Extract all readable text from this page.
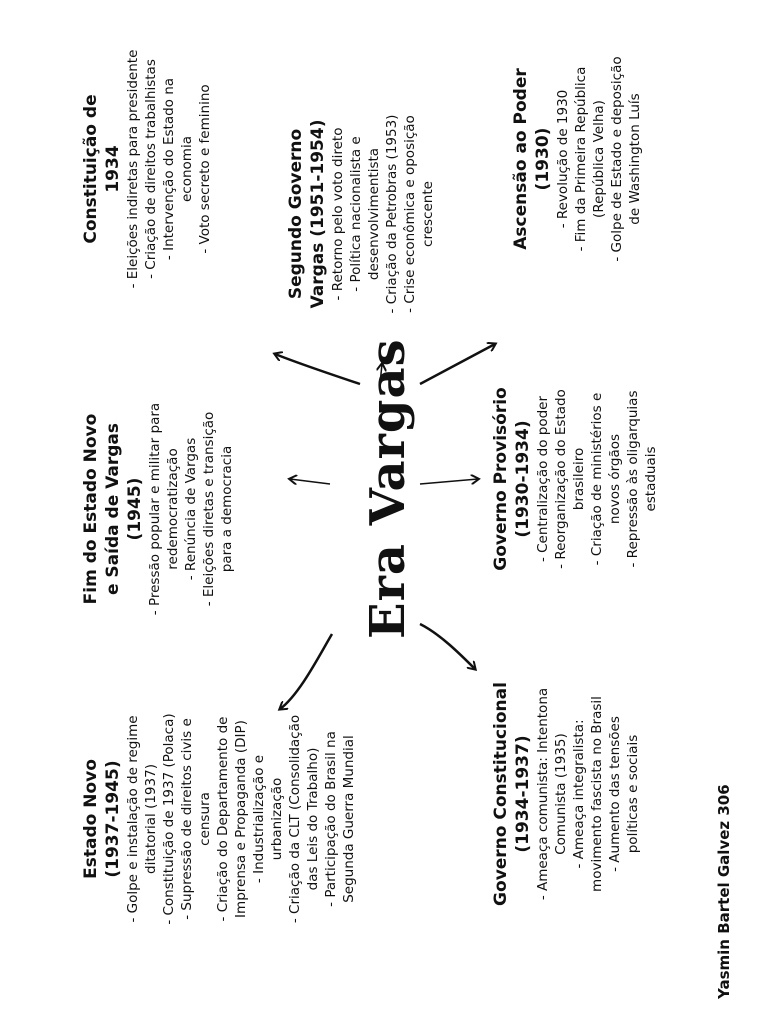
Era Vargas
Estado Novo (1937-1945) - Golpe e instalação de regime ditatorial (1937) - Constituição de 1937 (Polaca) - Supressão de direitos civis e censura - Criação do Departamento de Imprensa e Propaganda (DIP) - Industrialização e urbanização - Criação da CLT (Consolidação das Leis do Trabalho) - Participação do Brasil na Segunda Guerra Mundial
Fim do Estado Novo e Saída de Vargas (1945) - Pressão popular e militar para redemocratização - Renúncia de Vargas - Eleições diretas e transição para a democracia
Constituição de 1934 - Eleições indiretas para presidente - Criação de direitos trabalhistas - Intervenção do Estado na economia - Voto secreto e feminino	Segundo Governo Vargas (1951-1954) - Retorno pelo voto direto - Política nacionalista e desenvolvimentista - Criação da Petrobras (1953) - Crise econômica e oposição crescente
Governo Provisório (1930-1934) - Centralização do poder - Reorganização do Estado brasileiro - Criação de ministérios e novos órgãos - Repressão às oligarquias estaduais
Ascensão ao Poder (1930) - Revolução de 1930 - Fim da Primeira República (República Velha) - Golpe de Estado e deposição de Washington Luís
Governo Constitucional (1934-1937) - Ameaça comunista: Intentona Comunista (1935) - Ameaça integralista: movimento fascista no Brasil - Aumento das tensões políticas e sociais	Yasmin Bartel Galvez 306
